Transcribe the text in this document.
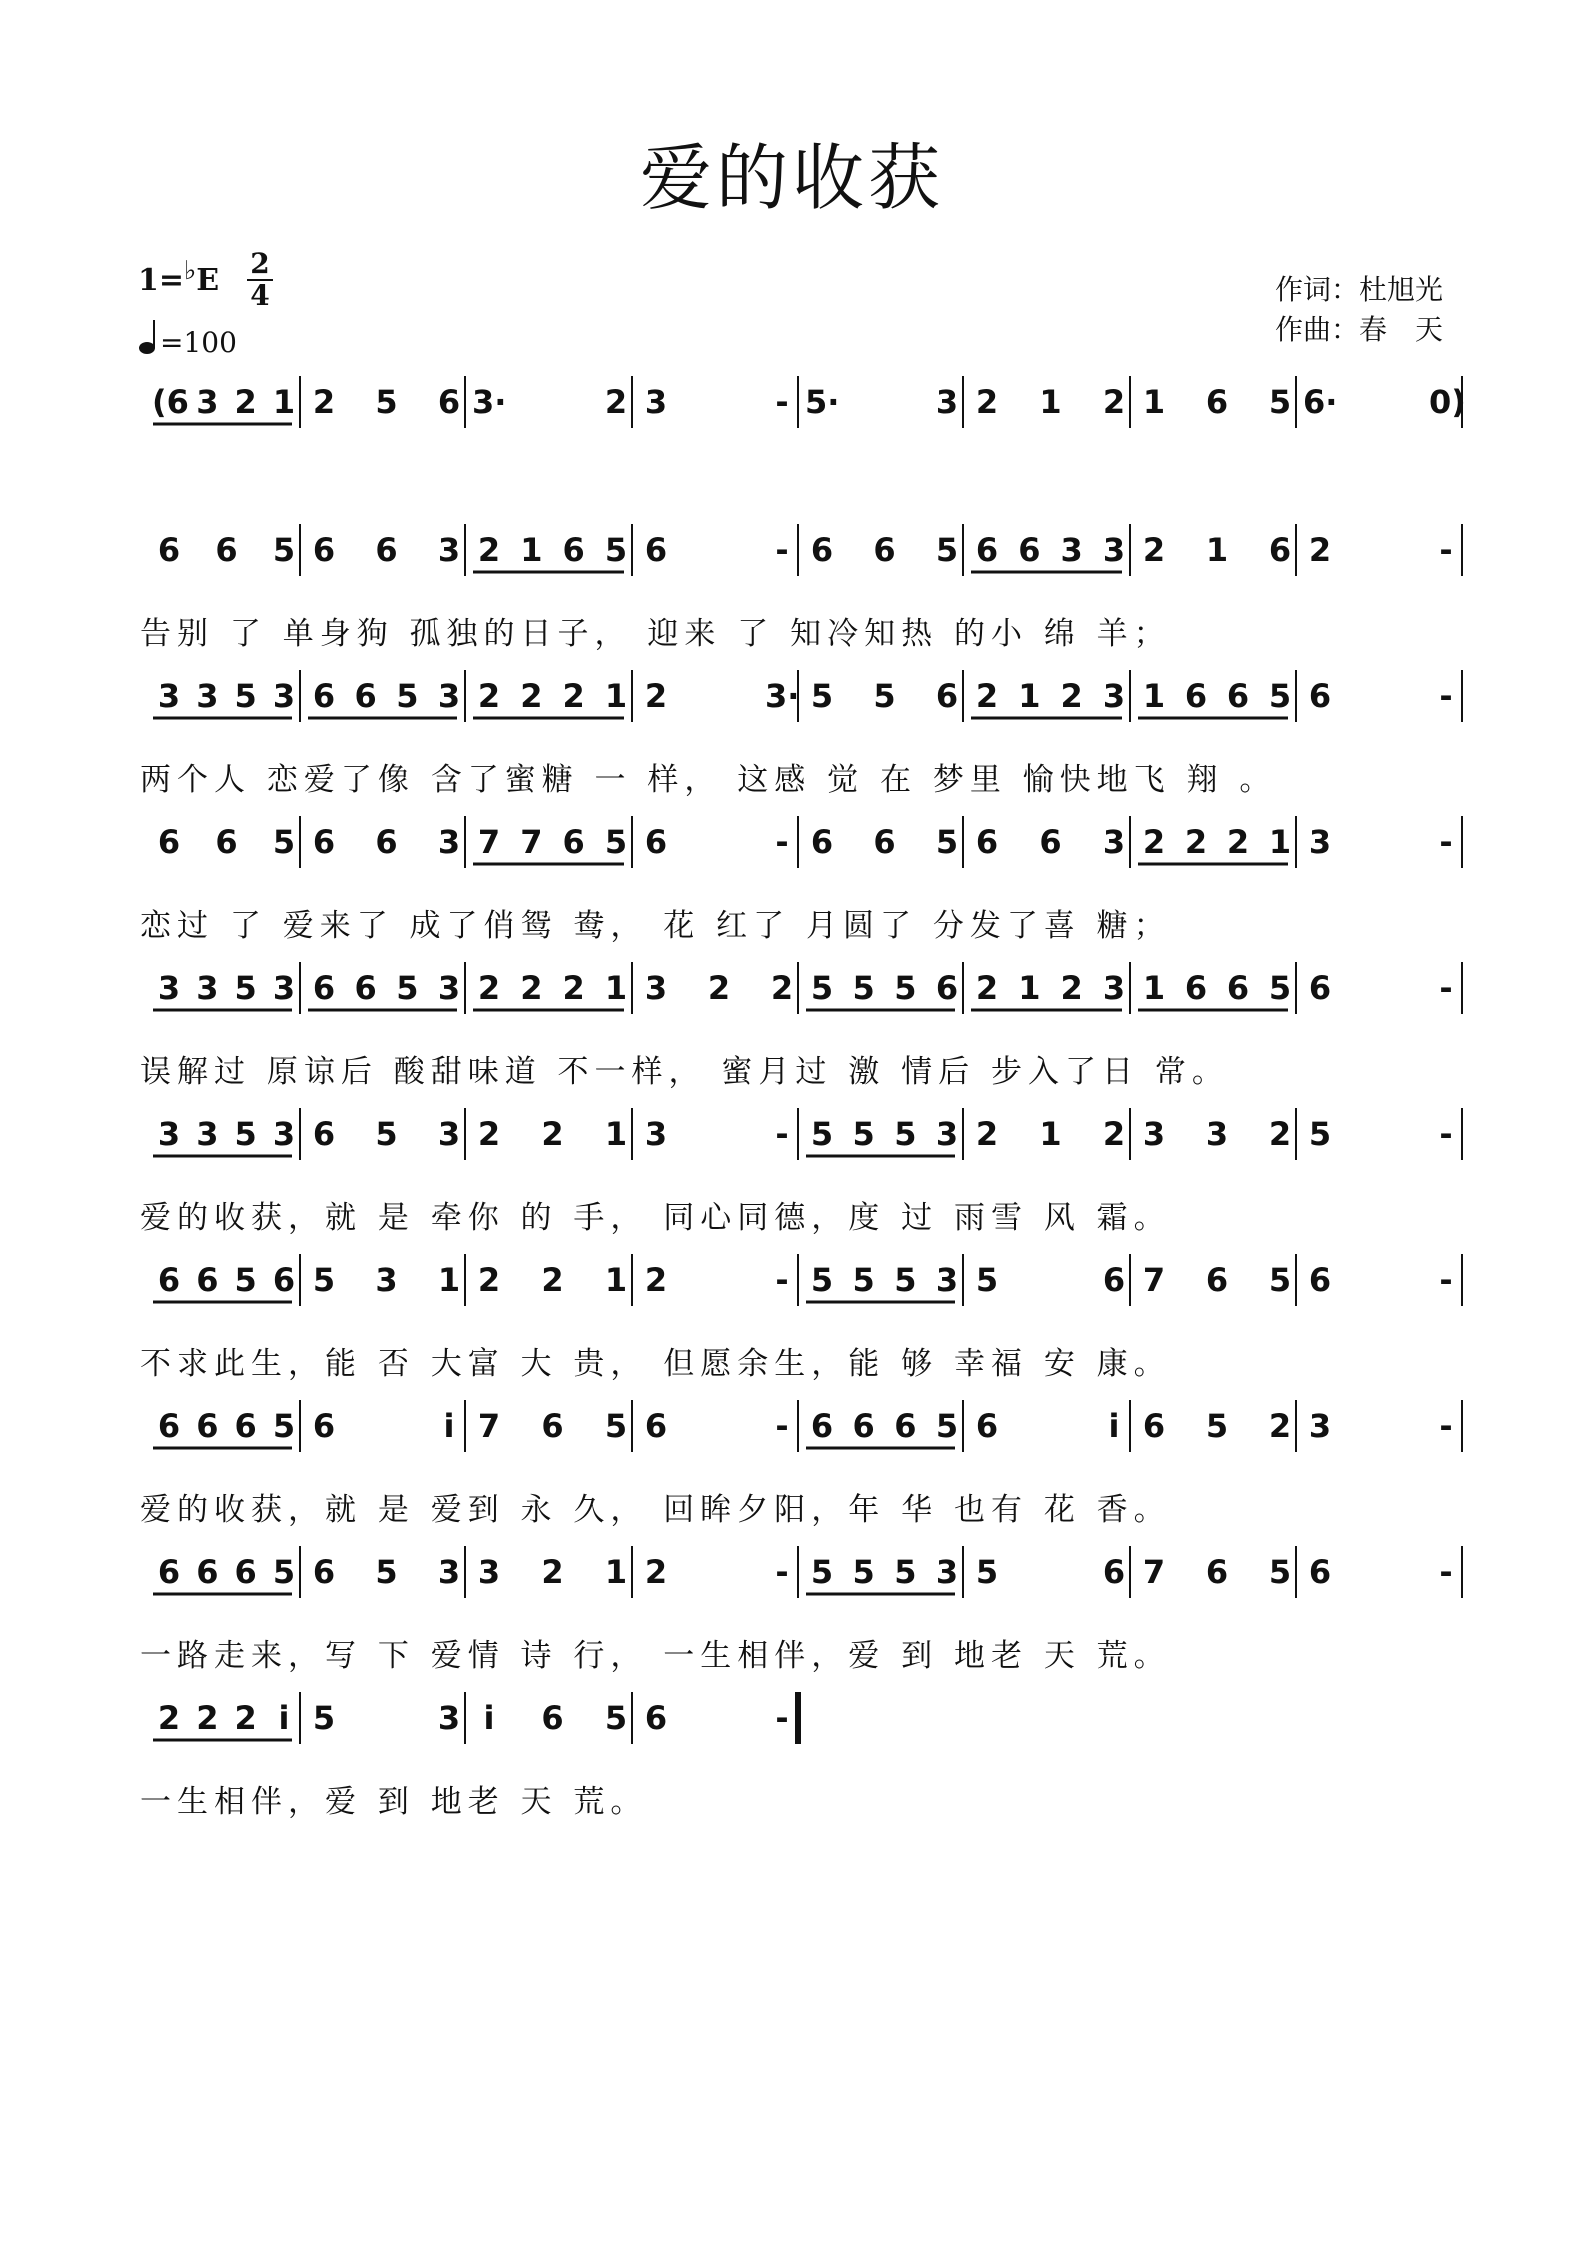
爱的收获
1=♭E 2
4
=100
作词：杜旭光
作曲：春　天
(6 3 2 1 2 5 6 3·	2 3	- 5·	3 2 1 2 1 6 5 6·	0)
6 6 5 6 6 3 2 1 6 5 6	- 6 6 5 6 6 3 3 2 1 6 2	-
告别 了 单身狗 孤独的日子， 迎来 了 知冷知热 的小 绵 羊；
3 3 5 3 6 6 5 3 2 2 2 1 2	3· 5 5 6 2 1 2 3 1 6 6 5 6	-
两个人 恋爱了像 含了蜜糖 一 样， 这感 觉 在 梦里 愉快地飞 翔 。
6 6 5 6 6 3 7 7 6 5 6	- 6 6 5 6 6 3 2 2 2 1 3	-
恋过 了 爱来了 成了俏鸳 鸯， 花 红了 月圆了 分发了喜 糖；
3 3 5 3 6 6 5 3 2 2 2 1 3 2 2 5 5 5 6 2 1 2 3 1 6 6 5 6	-
误解过 原谅后 酸甜味道 不一样， 蜜月过 激 情后 步入了日 常。
3 3 5 3 6 5 3 2 2 1 3	- 5 5 5 3 2 1 2 3 3 2 5	-
爱的收获，就 是 牵你 的 手， 同心同德，度 过 雨雪 风 霜。
6 6 5 6 5 3 1 2 2 1 2	- 5 5 5 3 5	6 7 6 5 6	-
不求此生，能 否 大富 大 贵， 但愿余生，能 够 幸福 安 康。
6 6 6 5 6	i 7 6 5 6	- 6 6 6 5 6	i 6 5 2 3	-
爱的收获，就 是 爱到 永 久， 回眸夕阳，年 华 也有 花 香。
6 6 6 5 6 5 3 3 2 1 2	- 5 5 5 3 5	6 7 6 5 6	-
一路走来，写 下 爱情 诗 行， 一生相伴，爱 到 地老 天 荒。
2 2 2 i 5	3 i	6 5 6	-
一生相伴，爱 到 地老 天 荒。
